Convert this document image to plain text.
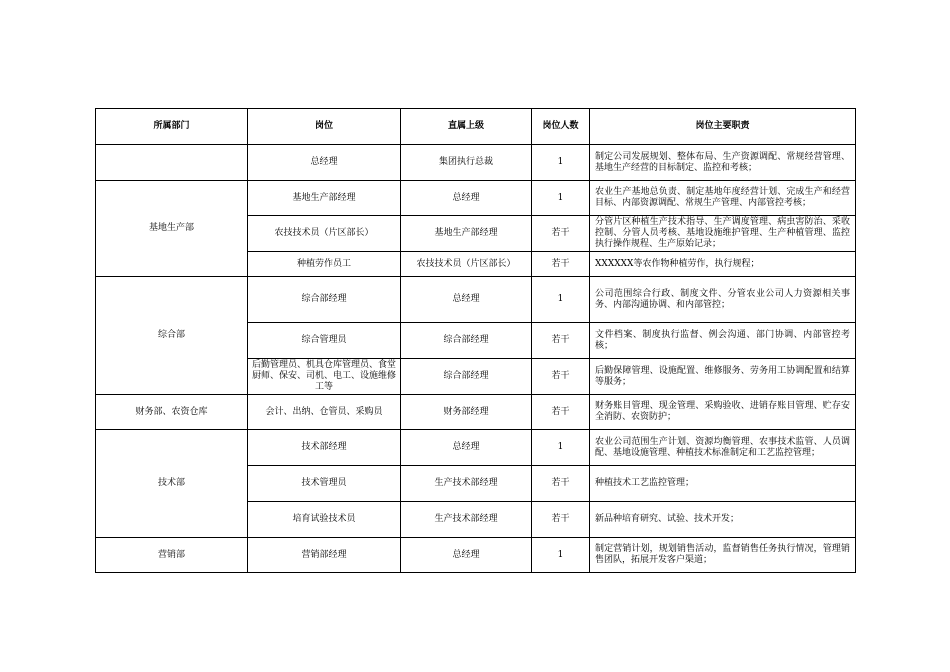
所属部门	岗位	直属上级	岗位人数	岗位主要职责
	总经理	集团执行总裁	1	制定公司发展规划、整体布局、生产资源调配、常规经营管理、基地生产经营的目标制定、监控和考核；
基地生产部	基地生产部经理	总经理	1	农业生产基地总负责、制定基地年度经营计划、完成生产和经营目标、内部资源调配、常规生产管理、内部管控考核；
	农技技术员（片区部长）	基地生产部经理	若干	分管片区种植生产技术指导、生产调度管理、病虫害防治、采收控制、分管人员考核、基地设施维护管理、生产种植管理、监控执行操作规程、生产原始记录；
	种植劳作员工	农技技术员（片区部长）	若干	XXXXXX等农作物种植劳作，执行规程；
综合部	综合部经理	总经理	1	公司范围综合行政、制度文件、分管农业公司人力资源相关事务、内部沟通协调、和内部管控；
	综合管理员	综合部经理	若干	文件档案、制度执行监督、例会沟通、部门协调、内部管控考核；
	后勤管理员、机具仓库管理员、食堂厨师、保安、司机、电工、设施维修工等	综合部经理	若干	后勤保障管理、设施配置、维修服务、劳务用工协调配置和结算等服务；
财务部、农资仓库	会计、出纳、仓管员、采购员	财务部经理	若干	财务账目管理、现金管理、采购验收、进销存账目管理、贮存安全消防、农资防护；
技术部	技术部经理	总经理	1	农业公司范围生产计划、资源均衡管理、农事技术监管、人员调配、基地设施管理、种植技术标准制定和工艺监控管理；
	技术管理员	生产技术部经理	若干	种植技术工艺监控管理；
	培育试验技术员	生产技术部经理	若干	新品种培育研究、试验、技术开发；
营销部	营销部经理	总经理	1	制定营销计划，规划销售活动，监督销售任务执行情况，管理销售团队，拓展开发客户渠道；
